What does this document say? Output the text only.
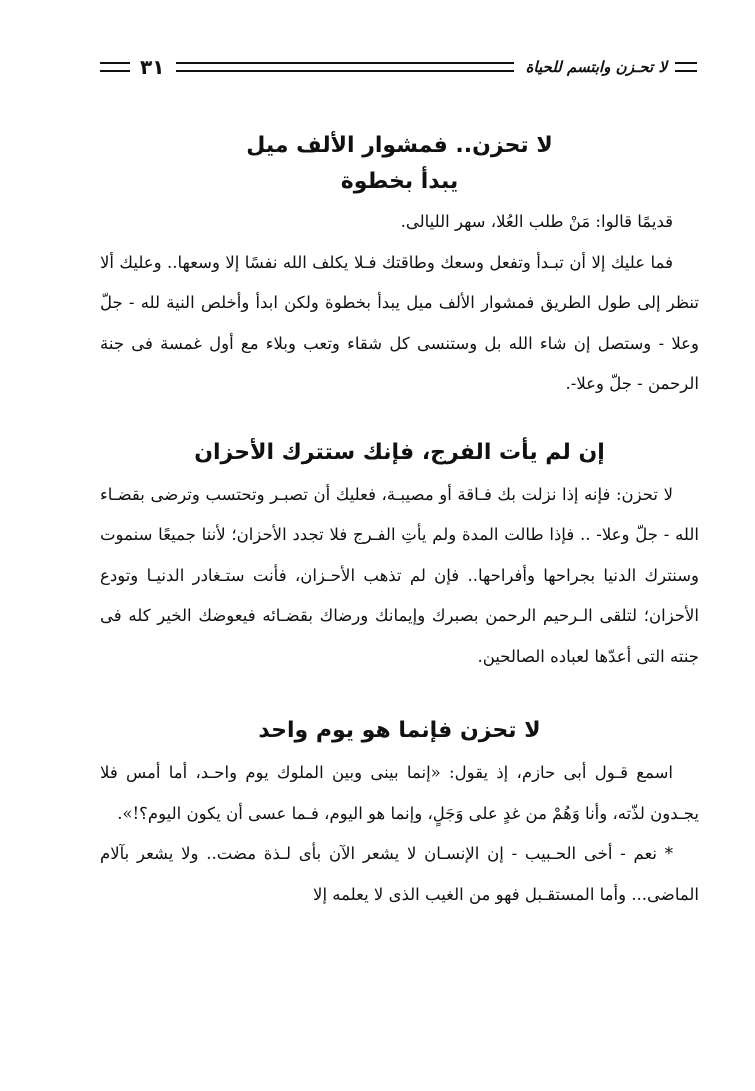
لا تحـزن وابتسم للحياة
٣١
لا تحزن.. فمشوار الألف ميل
يبدأ بخطوة

قديمًا قالوا: مَنْ طلب العُلا، سهر الليالى.

فما عليك إلا أن تبـدأ وتفعل وسعك وطاقتك فـلا يكلف الله نفسًا إلا وسعها.. وعليك ألا تنظر إلى طول الطريق فمشوار الألف ميل يبدأ بخطوة ولكن ابدأ وأخلص النية لله - جلّ وعلا - وستصل إن شاء الله بل وستنسى كل شقاء وتعب وبلاء مع أول غمسة فى جنة الرحمن - جلّ وعلا-.

إن لم يأت الفرج، فإنك ستترك الأحزان

لا تحزن: فإنه إذا نزلت بك فـاقة أو مصيبـة، فعليك أن تصبـر وتحتسب وترضى بقضـاء الله - جلّ وعلا- .. فإذا طالت المدة ولم يأتِ الفـرج فلا تجدد الأحزان؛ لأننا جميعًا سنموت وسنترك الدنيا بجراحها وأفراحها.. فإن لم تذهب الأحـزان، فأنت ستـغادر الدنيـا وتودع الأحزان؛ لتلقى الـرحيم الرحمن بصبرك وإيمانك ورضاك بقضـائه فيعوضك الخير كله فى جنته التى أعدّها لعباده الصالحين.

لا تحزن فإنما هو يوم واحد

اسمع قـول أبى حازم، إذ يقول: «إنما بينى وبين الملوك يوم واحـد، أما أمس فلا يجـدون لذّته، وأنا وَهُمْ من غدٍ على وَجَلٍ، وإنما هو اليوم، فـما عسى أن يكون اليوم؟!».

* نعم - أخى الحـبيب - إن الإنسـان لا يشعر الآن بأى لـذة مضت.. ولا يشعر بآلام الماضى... وأما المستقـبل فهو من الغيب الذى لا يعلمه إلا
